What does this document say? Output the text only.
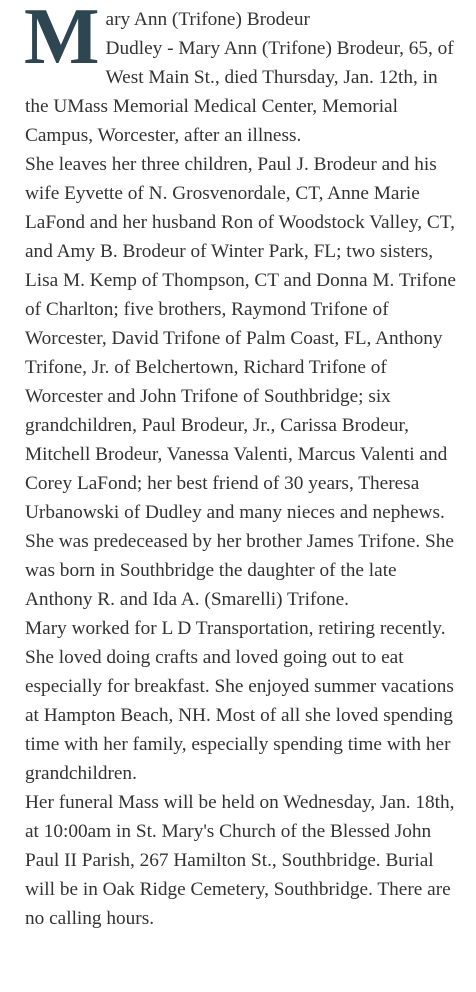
M ary Ann (Trifone) Brodeur
Dudley - Mary Ann (Trifone) Brodeur, 65, of West Main St., died Thursday, Jan. 12th, in the UMass Memorial Medical Center, Memorial Campus, Worcester, after an illness.

She leaves her three children, Paul J. Brodeur and his wife Eyvette of N. Grosvenordale, CT, Anne Marie LaFond and her husband Ron of Woodstock Valley, CT, and Amy B. Brodeur of Winter Park, FL; two sisters, Lisa M. Kemp of Thompson, CT and Donna M. Trifone of Charlton; five brothers, Raymond Trifone of Worcester, David Trifone of Palm Coast, FL, Anthony Trifone, Jr. of Belchertown, Richard Trifone of Worcester and John Trifone of Southbridge; six grandchildren, Paul Brodeur, Jr., Carissa Brodeur, Mitchell Brodeur, Vanessa Valenti, Marcus Valenti and Corey LaFond; her best friend of 30 years, Theresa Urbanowski of Dudley and many nieces and nephews. She was predeceased by her brother James Trifone. She was born in Southbridge the daughter of the late Anthony R. and Ida A. (Smarelli) Trifone.

Mary worked for L D Transportation, retiring recently. She loved doing crafts and loved going out to eat especially for breakfast. She enjoyed summer vacations at Hampton Beach, NH. Most of all she loved spending time with her family, especially spending time with her grandchildren.

Her funeral Mass will be held on Wednesday, Jan. 18th, at 10:00am in St. Mary's Church of the Blessed John Paul II Parish, 267 Hamilton St., Southbridge. Burial will be in Oak Ridge Cemetery, Southbridge. There are no calling hours.
